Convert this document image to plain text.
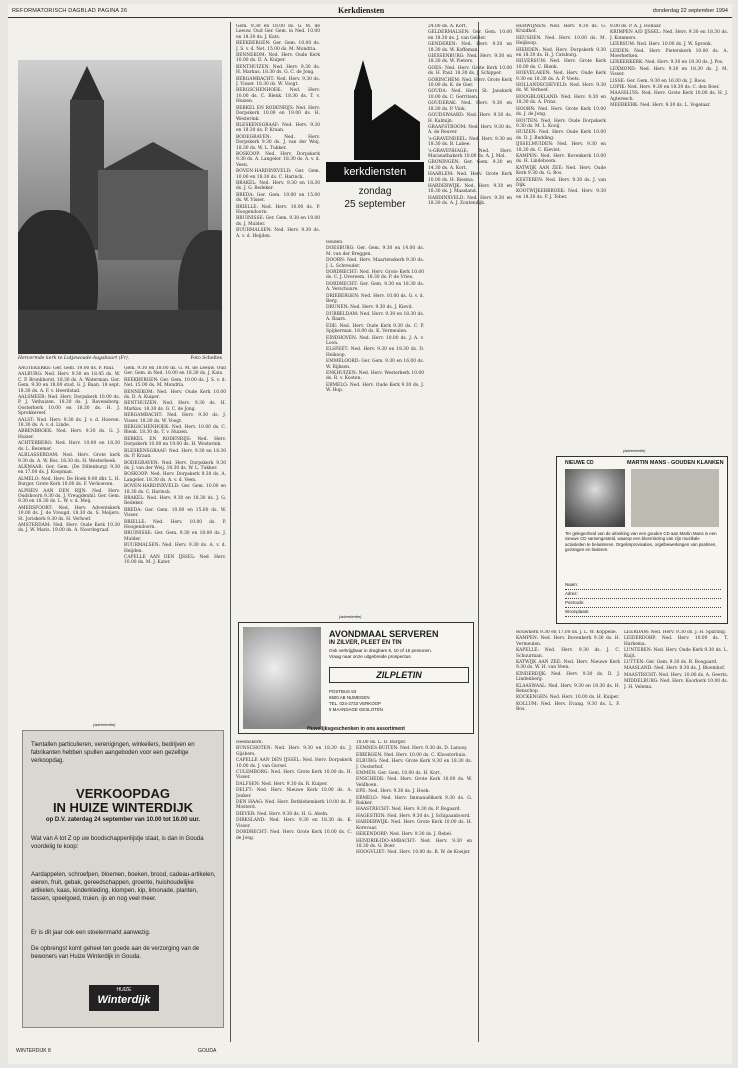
REFORMATORISCH DAGBLAD PAGINA 26	Kerkdiensten	donderdag 22 september 1994
Hervormde kerk te Lutjewoude-Augsbuurt (Fr).	Foto Scheltes

AAGTEKERKE: Ger. Gem. 19.00 ds. P. Paul.

AALBURG: Ned. Herv. 9.30 en 18.45 ds. W. C. P. Bronkhorst. 18.30 ds. A. Waterman. Ger. Gem. 9.30 en 18.00 stud. G. J. Baan. 18 sept. 18.30 ds. A. F. v. Heerdstad.

AALSMEER: Ned. Herv. Dorpskerk 10.00 ds. P. J. Vethuizen. 18.30 ds. J. Ravensberg. Oosterkerk 10.00 en 18.30 ds. H. J. Sprokkereef.

AALST: Ned. Herv. 9.30 ds. J. v. d. Hoeven. 18.30 ds. A. v. d. Linde.

ABBENBROEK: Ned. Herv. 9.30 ds. G. J. Huizer.

ACHTERBERG: Ned. Herv. 10.00 en 18.30 ds. L. Bezemer.

ALBLASSERDAM: Ned. Herv. Grote kerk 9.30 ds. A. W. Bos. 18.30 ds. H. Westerbeek.

ALKMAAR: Ger. Gem. (De Dillenburg) 9.30 en 17.00 ds. J. Koopman.

ALMELO: Ned. Herv. De Hoek 9.00 dhr. L. H. Burger. Grote Kerk 10.00 ds. F. Verhoeven.

ALPHEN AAN DEN RIJN: Ned. Herv. Oudshoorn 9.30 ds. J. Vreugdenhil. Ger. Gem. 9.30 en 18.30 ds. L. W. v. d. Meij.

AMERSFOORT: Ned. Herv. Adventskerk 10.00 ds. J. de Vreugd. 18.30 ds. S. Meijers. St. Joriskerk 9.30 ds. H. Verhoef.

AMSTERDAM: Ned. Herv. Oude Kerk 10.30 ds. J. W. Maris. 19.00 ds. A. Noordegraaf.

Gem. 9.30 en 18.00 ds. G. M. de Leeuw. Oud Ger. Gem. in Ned. 10.00 en 18.30 ds. J. Kats.

BEEKBERGEN: Ger. Gem. 10.00 ds. J. S. v. d. Net. 15.00 ds. M. Mondria.

BENNEKOM: Ned. Herv. Oude Kerk 10.00 ds. D. A. Kuiper.

BENTHUIZEN: Ned. Herv. 9.30 ds. H. Markus. 18.30 ds. G. C. de Jong.

BERGAMBACHT: Ned. Herv. 9.30 ds. J. Visser. 18.30 ds. W. Voogt.

BERGSCHENHOEK: Ned. Herv. 10.00 ds. C. Blenk. 18.30 ds. T. v. Huizen.

BERKEL EN RODENRIJS: Ned. Herv. Dorpskerk 10.00 en 19.00 ds. H. Westerink.

BLESKENSGRAAF: Ned. Herv. 9.30 en 18.30 ds. P. Kraan.

BODEGRAVEN: Ned. Herv. Dorpskerk 9.30 ds. J. van der Weij. 18.30 ds. W. L. Tukker.

BOSKOOP: Ned. Herv. Dorpskerk 9.30 ds. A. Langeler. 18.30 ds. A. v. d. Veen.

BOVEN-HARDINXVELD: Ger. Gem. 10.00 en 18.30 ds. C. Harinck.

BRAKEL: Ned. Herv. 9.30 en 18.30 ds. J. G. Redeker.

BREDA: Ger. Gem. 10.00 en 15.00 ds. W. Visser.

BRIELLE: Ned. Herv. 10.00 ds. P. Hoogendoorn.

BRUINISSE: Ger. Gem. 9.30 en 18.00 ds. J. Mulder.

BUURMALSEN: Ned. Herv. 9.30 ds. A. v. d. Heijden.

CAPELLE AAN DEN IJSSEL: Ned. Herv. 10.00 ds. M. J. Kater.

Gem. 9.30 en 18.00 ds. G. M. de Leeuw. Oud Ger. Gem. in Ned. 10.00 en 18.30 ds. J. Kats.

BEEKBERGEN: Ger. Gem. 10.00 ds. J. S. v. d. Net. 15.00 ds. M. Mondria.

BENNEKOM: Ned. Herv. Oude Kerk 10.00 ds. D. A. Kuiper.

BENTHUIZEN: Ned. Herv. 9.30 ds. H. Markus. 18.30 ds. G. C. de Jong.

BERGAMBACHT: Ned. Herv. 9.30 ds. J. Visser. 18.30 ds. W. Voogt.

BERGSCHENHOEK: Ned. Herv. 10.00 ds. C. Blenk. 18.30 ds. T. v. Huizen.

BERKEL EN RODENRIJS: Ned. Herv. Dorpskerk 10.00 en 19.00 ds. H. Westerink.

BLESKENSGRAAF: Ned. Herv. 9.30 en 18.30 ds. P. Kraan.

BODEGRAVEN: Ned. Herv. Dorpskerk 9.30 ds. J. van der Weij. 18.30 ds. W. L. Tukker.

BOSKOOP: Ned. Herv. Dorpskerk 9.30 ds. A. Langeler. 18.30 ds. A. v. d. Veen.

BOVEN-HARDINXVELD: Ger. Gem. 10.00 en 18.30 ds. C. Harinck.

BRAKEL: Ned. Herv. 9.30 en 18.30 ds. J. G. Redeker.

BREDA: Ger. Gem. 10.00 en 15.00 ds. W. Visser.

BRIELLE: Ned. Herv. 10.00 ds. P. Hoogendoorn.

BRUINISSE: Ger. Gem. 9.30 en 18.00 ds. J. Mulder.

BUURMALSEN: Ned. Herv. 9.30 ds. A. v. d. Heijden.

kerkdiensten
zondag
25 september

Heiden.

DOESBURG: Ger. Gem. 9.30 en 14.00 ds. M. van der Breggen.

DOORN: Ned. Herv. Maartenskerk 9.30 ds. J. L. Schreuder.

DORDRECHT: Ned. Herv. Grote Kerk 10.00 ds. C. J. Overeem. 18.30 ds. P. de Vries.

DORDRECHT: Ger. Gem. 9.30 en 18.30 ds. A. Verschuure.

DRIEBERGEN: Ned. Herv. 10.00 ds. G. v. d. Berg.

DRUNEN: Ned. Herv. 9.30 ds. J. Kievit.

DUBBELDAM: Ned. Herv. 9.30 en 18.30 ds. A. Baars.

EDE: Ned. Herv. Oude Kerk 9.30 ds. C. P. Spijkerman. 18.00 ds. K. Vermeulen.

EINDHOVEN: Ned. Herv. 10.00 ds. J. A. v. Loon.

ELSPEET: Ned. Herv. 9.30 en 18.30 ds. D. Heikoop.

EMMELOORD: Ger. Gem. 9.30 en 16.00 ds. W. Rijksen.

ENKHUIZEN: Ned. Herv. Westerkerk 10.00 ds. R. v. Kooten.

ERMELO: Ned. Herv. Oude Kerk 9.30 ds. J. W. Hop.

24.00 ds. A. Kort.

GELDERMALSEN: Ger. Gem. 10.00 en 18.30 ds. J. van Gelder.

GENDEREN: Ned. Herv. 9.30 en 18.30 ds. W. Koffeman.

GIESSENBURG: Ned. Herv. 9.30 en 18.30 ds. W. Pieters.

GOES: Ned. Herv. Grote Kerk 10.00 ds. H. Paul. 18.30 ds. J. Schipper.

GORINCHEM: Ned. Herv. Grote Kerk 10.00 ds. K. de Gier.

GOUDA: Ned. Herv. St. Janskerk 10.00 ds. C. Gerritsen.

GOUDERAK: Ned. Herv. 9.30 en 18.30 ds. P. Vink.

GOUDSWAARD: Ned. Herv. 9.30 ds. H. Kalmijn.

GRAAFSTROOM: Ned. Herv. 9.30 ds. A. de Reuver.

's-GRAVENDEEL: Ned. Herv. 9.30 en 18.30 ds. B. Labee.

's-GRAVENHAGE: Ned. Herv. Maranathakerk 10.00 ds. A. J. Mol.

GRONINGEN: Ger. Gem. 9.30 en 14.30 ds. A. Kort.

HAARLEM: Ned. Herv. Grote Kerk 10.00 ds. H. Biesma.

HARDERWIJK: Ned. Herv. 9.30 en 18.30 ds. J. Maasland.

HARDINXVELD: Ned. Herv. 9.30 en 18.30 ds. A. J. Zoutendijk.

HERWIJNEN: Ned. Herv. 9.30 ds. G. Kruidhof.

HEUSDEN: Ned. Herv. 10.00 ds. M. Heijkoop.

HIERDEN: Ned. Herv. Dorpskerk 9.30 en 18.30 ds. H. J. Catsburg.

HILVERSUM: Ned. Herv. Grote Kerk 10.00 ds. C. Blenk.

HOEVELAKEN: Ned. Herv. Oude Kerk 9.30 en 18.30 ds. A. P. Voets.

HOLLANDSCHEVELD: Ned. Herv. 9.30 ds. W. Verhoef.

HOOGBLOKLAND: Ned. Herv. 9.30 en 18.30 ds. A. Prins.

HOORN: Ned. Herv. Grote Kerk 10.00 ds. J. de Jong.

HOUTEN: Ned. Herv. Oude Dorpskerk 9.30 ds. M. L. Kooij.

HUIZEN: Ned. Herv. Oude Kerk 10.00 ds. D. J. Budding.

IJSSELMUIDEN: Ned. Herv. 9.30 en 18.30 ds. C. Kieviet.

KAMPEN: Ned. Herv. Bovenkerk 10.00 ds. H. Lindeboom.

KATWIJK AAN ZEE: Ned. Herv. Oude Kerk 9.30 ds. G. Bos.

KESTEREN: Ned. Herv. 9.30 ds. J. van Dijk.

KOOTWIJKERBROEK: Ned. Herv. 9.30 en 18.30 ds. P. J. Tober.

8.00 ds. P. A. J. Hollaar.

KRIMPEN A/D IJSSEL: Ned. Herv. 9.30 en 18.30 ds. J. Kommers.

LEERSUM: Ned. Herv. 10.00 ds. J. W. Spronk.

LEIDEN: Ned. Herv. Pieterskerk 10.00 ds. A. Moerkerken.

LEKKERKERK: Ned. Herv. 9.30 en 18.30 ds. J. Pos.

LEXMOND: Ned. Herv. 9.30 en 18.30 ds. J. M. Visser.

LISSE: Ger. Gem. 9.30 en 16.00 ds. J. Roos.

LOPIK: Ned. Herv. 9.30 en 18.30 ds. C. den Boer.

MAASSLUIS: Ned. Herv. Grote Kerk 10.00 ds. H. J. Agteresch.

MEERKERK: Ned. Herv. 9.30 ds. L. Vogelaar.

(advertentie)
NIEUWE CD	MARTIN MANS - GOUDEN KLANKEN
Ter gelegenheid van de uitreiking van een gouden CD aan Martin Mans is een nieuwe CD samengesteld, waarop een bloemlezing van zijn muzikale activiteiten te beluisteren. Orgelimprovisaties, orgelbewerkingen van psalmen, gezangen en liederen.
Naam:
Adres:
Postcode:
Woonplaats:

Rouwkerk 9.30 en 17.00 ds. J. L. W. Koppelle.

KAMPEN: Ned. Herv. Bovenkerk 9.30 ds. H. Vermeulen.

KAPELLE: Ned. Herv. 9.30 ds. J. C. Schuurman.

KATWIJK AAN ZEE: Ned. Herv. Nieuwe Kerk 9.30 ds. W. H. van Veen.

KINDERDIJK: Ned. Herv. 9.30 ds. D. J. Lindenberg.

KLAASWAAL: Ned. Herv. 9.30 en 18.30 ds. H. Benschop.

KOCKENGEN: Ned. Herv. 10.00 ds. H. Kuiper.

KOLLUM: Ned. Herv. Evang. 9.30 ds. L. F. Bos.

LEERDAM: Ned. Herv. 9.30 ds. J. H. Sparling.

LEIDERDORP: Ned. Herv. 10.00 ds. T. Harkema.

LUNTEREN: Ned. Herv. Oude Kerk 9.30 ds. L. Kuijt.

LUTTEN: Ger. Gem. 9.30 ds. R. Boogaard.

MAASLAND: Ned. Herv. 9.30 ds. J. Bloemhof.

MAASTRICHT: Ned. Herv. 10.00 ds. A. Geerts.

MIDDELBURG: Ned. Herv. Koorkerk 10.00 ds. J. H. Velema.

(advertentie)
AVONDMAAL SERVEREN
IN ZILVER, PLEET EN TIN
Ook verkrijgbaar in dragbare 6, 10 of 15 personen.
Vraag naar onze uitgebreide prospectus.
ZILPLETIN
POSTBUS 53
6500 AB NIJMEGEN
TEL. 024-3733 VERKOOP
5 MAANDAGE GESLOTEN
Huwelijksgeschenken in ons assortiment

Heemskerk.

BUNSCHOTEN: Ned. Herv. 9.30 en 18.30 ds. J. Gijsbers.

CAPELLE AAN DEN IJSSEL: Ned. Herv. Dorpskerk 10.00 ds. J. van Gorsel.

CULEMBORG: Ned. Herv. Grote Kerk 10.00 ds. H. Visser.

DALFSEN: Ned. Herv. 9.30 ds. R. Kuiper.

DELFT: Ned. Herv. Nieuwe Kerk 10.00 ds. A. Jonker.

DEN HAAG: Ned. Herv. Bethlehemkerk 10.00 ds. P. Mosterd.

DIEVER: Ned. Herv. 9.30 ds. H. G. Abeln.

DIRKSLAND: Ned. Herv. 9.30 en 18.30 ds. K. Visser.

DORDRECHT: Ned. Herv. Grote Kerk 10.00 ds. C. de Jong.

18.00 ds. L. D. Burger.

EEMNES-BUITEN: Ned. Herv. 9.30 ds. D. Lanooy.

EIBERGEN: Ned. Herv. 10.00 ds. C. Kloosterhuis.

ELBURG: Ned. Herv. Grote Kerk 9.30 en 18.30 ds. J. Oosterhof.

EMMEN: Ger. Gem. 10.00 ds. H. Kort.

ENSCHEDE: Ned. Herv. Grote Kerk 10.00 ds. W. Veldhoen.

EPE: Ned. Herv. 9.30 ds. J. Hoek.

ERMELO: Ned. Herv. Immanuëlkerk 9.30 ds. G. Bakker.

HAASTRECHT: Ned. Herv. 9.30 ds. P. Bogaard.

HAGESTEIN: Ned. Herv. 9.30 ds. J. Schipaanboord.

HARDERWIJK: Ned. Herv. Grote Kerk 10.00 ds. H. Korevaar.

HEKENDORP: Ned. Herv. 9.30 ds. J. Rebel.

HENDRIK-IDO-AMBACHT: Ned. Herv. 9.30 en 18.30 ds. G. Boer.

HOOGVLIET: Ned. Herv. 10.00 ds. R. W. de Koeijer.

(advertentie)
Tientallen particulieren, verenigingen, winkeliers, bedrijven en fabrikanten hebben spullen aangeboden voor een gezellige verkoopdag.
VERKOOPDAG
IN HUIZE WINTERDIJK
op D.V. zaterdag 24 september van 10.00 tot 16.00 uur.
Wat van A tot Z op uw boodschappenlijstje staat, is dan in Gouda voordelig te koop:
Aardappelen, schroefpen, bloemen, boeken, brood, cadeau-artikelen, eieren, fruit, gebak, gereedschappen, groente, huishoudelijke artikelen, kaas, kinderkleding, klompen, kip, limonade, planten, tassen, speelgoed, truien, ijs en nog veel meer.
Er is dit jaar ook een stoelenmarkt aanwezig.
De opbrengst komt geheel ten goede aan de verzorging van de bewoners van Huize Winterdijk in Gouda.
HUIZE
Winterdijk
WINTERDIJK 8	GOUDA
